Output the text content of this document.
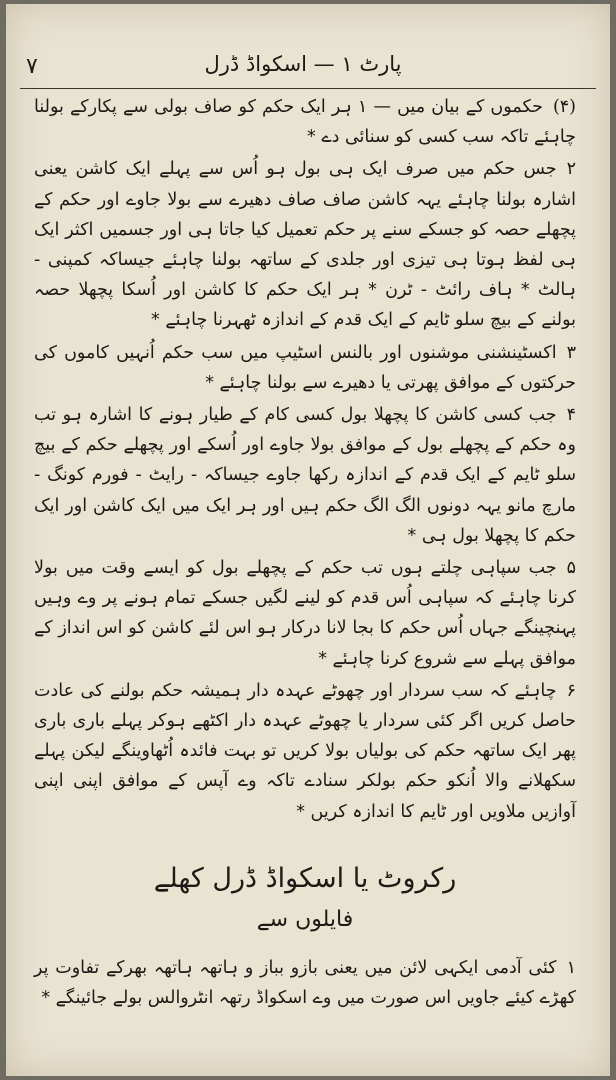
۷	پارٹ ۱ — اسکواڈ ڈرل

(۴)حکموں کے بیان میں — ۱ ہر ایک حکم کو صاف بولی سے پکارکے بولنا چاہئے تاکہ سب کسی کو سنائی دے *

۲جس حکم میں صرف ایک ہی بول ہو اُس سے پہلے ایک کاشن یعنی اشارہ بولنا چاہئے یہہ کاشن صاف صاف دھیرے سے بولا جاوے اور حکم کے پچھلے حصہ کو جسکے سنے پر حکم تعمیل کیا جاتا ہی اور جسمیں اکثر ایک ہی لفظ ہوتا ہی تیزی اور جلدی کے ساتھہ بولنا چاہئے جیساکہ کمپنی - ہالٹ * ہاف رائٹ - ٹرن * ہر ایک حکم کا کاشن اور اُسکا پچھلا حصہ بولنے کے بیچ سلو ٹایم کے ایک قدم کے اندازہ ٹھہرنا چاہئے *

۳اکسٹینشنی موشنوں اور بالنس اسٹیپ میں سب حکم اُنہیں کاموں کی حرکتوں کے موافق پھرتی یا دھیرے سے بولنا چاہئے *

۴جب کسی کاشن کا پچھلا بول کسی کام کے طیار ہونے کا اشارہ ہو تب وہ حکم کے پچھلے بول کے موافق بولا جاوے اور اُسکے اور پچھلے حکم کے بیچ سلو ٹایم کے ایک قدم کے اندازہ رکھا جاوے جیساکہ - رایٹ - فورم کونگ - مارچ مانو یہہ دونوں الگ الگ حکم ہیں اور ہر ایک میں ایک کاشن اور ایک حکم کا پچھلا بول ہی *

۵جب سپاہی چلتے ہوں تب حکم کے پچھلے بول کو ایسے وقت میں بولا کرنا چاہئے کہ سپاہی اُس قدم کو لینے لگیں جسکے تمام ہونے پر وے وہیں پہنچینگے جہاں اُس حکم کا بجا لانا درکار ہو اس لئے کاشن کو اس انداز کے موافق پہلے سے شروع کرنا چاہئے *

۶چاہئے کہ سب سردار اور چھوٹے عہدہ دار ہمیشہ حکم بولنے کی عادت حاصل کریں اگر کئی سردار یا چھوٹے عہدہ دار اکٹھے ہوکر پہلے باری باری پھر ایک ساتھہ حکم کی بولیاں بولا کریں تو بہت فائدہ اُٹھاوینگے لیکن پہلے سکھلانے والا اُنکو حکم بولکر سنادے تاکہ وے آپس کے موافق اپنی اپنی آوازیں ملاویں اور ٹایم کا اندازہ کریں *

رکروٹ یا اسکواڈ ڈرل کھلے
فایلوں سے

۱کئی آدمی ایکہی لائن میں یعنی بازو بباز و ہاتھہ ہاتھہ بھرکے تفاوت پر کھڑے کیئے جاویں اس صورت میں وے اسکواڈ رتھہ انٹروالس بولے جائینگے *
